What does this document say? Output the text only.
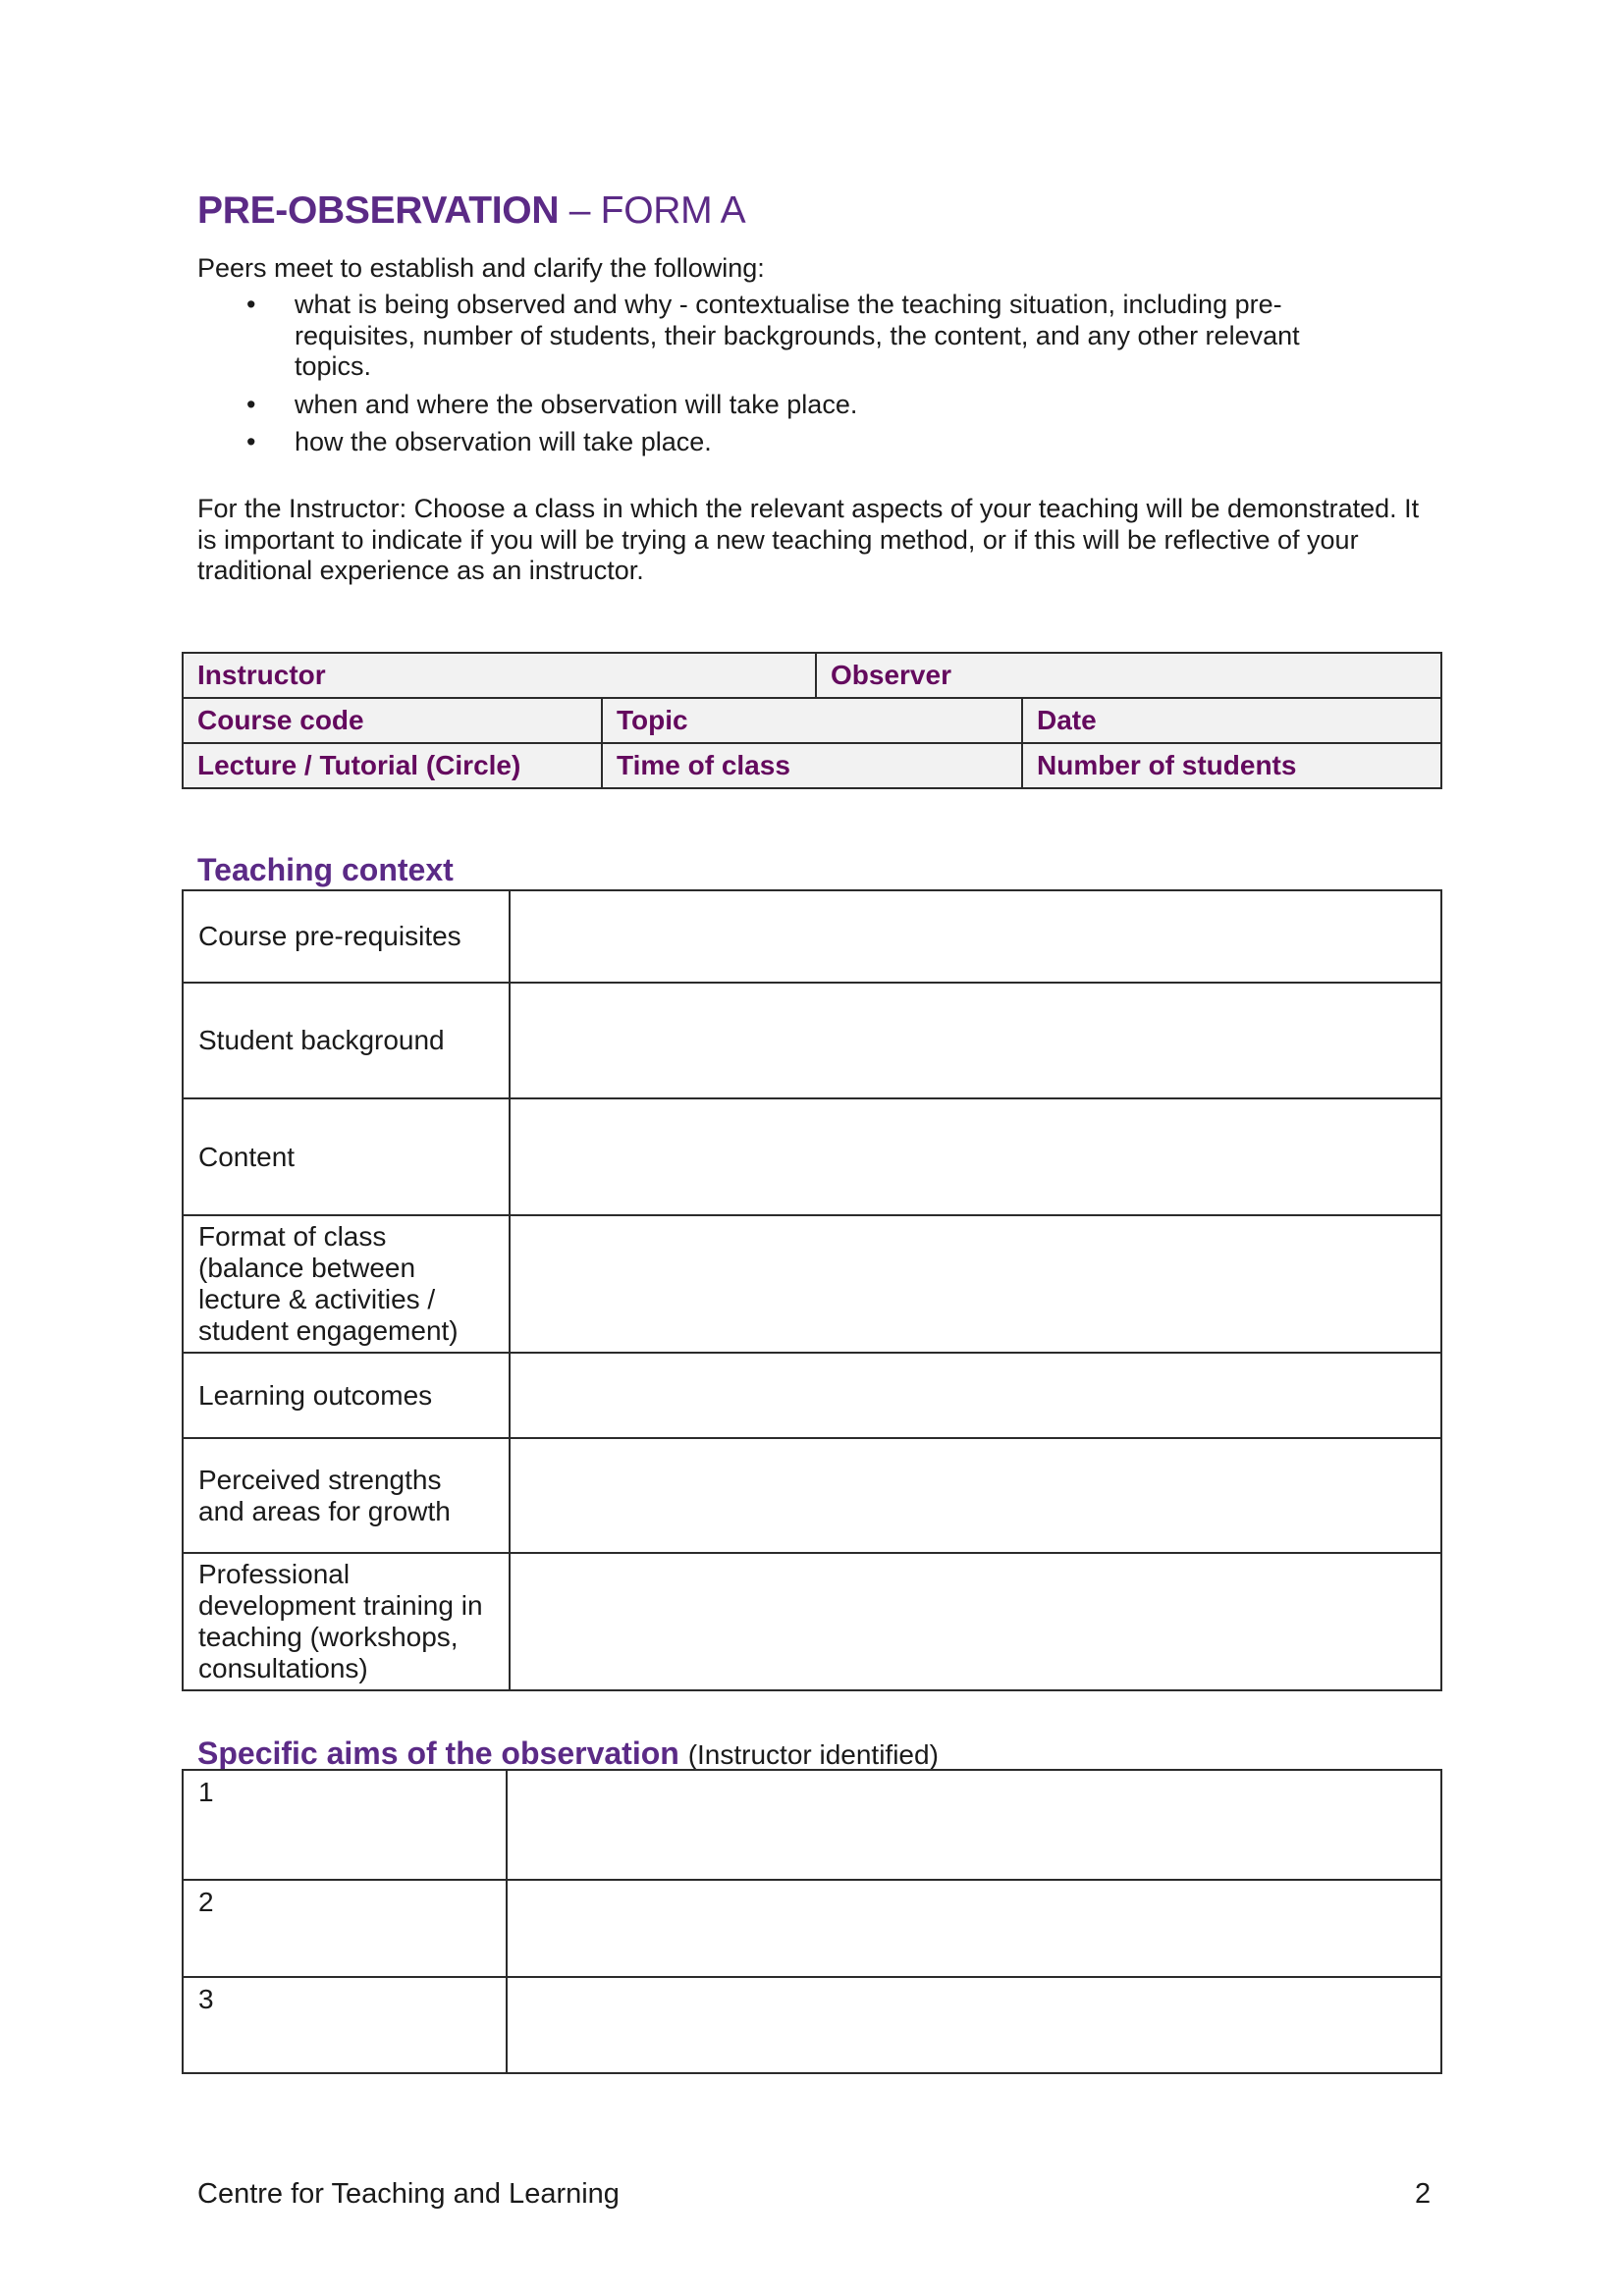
PRE-OBSERVATION – FORM A
Peers meet to establish and clarify the following:
• what is being observed and why - contextualise the teaching situation, including pre-requisites, number of students, their backgrounds, the content, and any other relevant topics.
• when and where the observation will take place.
• how the observation will take place.
For the Instructor: Choose a class in which the relevant aspects of your teaching will be demonstrated. It is important to indicate if you will be trying a new teaching method, or if this will be reflective of your traditional experience as an instructor.
Instructor		Observer	
Course code	Topic		Date
Lecture / Tutorial (Circle)	Time of class		Number of students
Teaching context
Course pre-requisites	
Student background	
Content	
Format of class (balance between lecture & activities / student engagement)	
Learning outcomes	
Perceived strengths and areas for growth	
Professional development training in teaching (workshops, consultations)	
Specific aims of the observation (Instructor identified)
1	
2	
3	
Centre for Teaching and Learning	2
